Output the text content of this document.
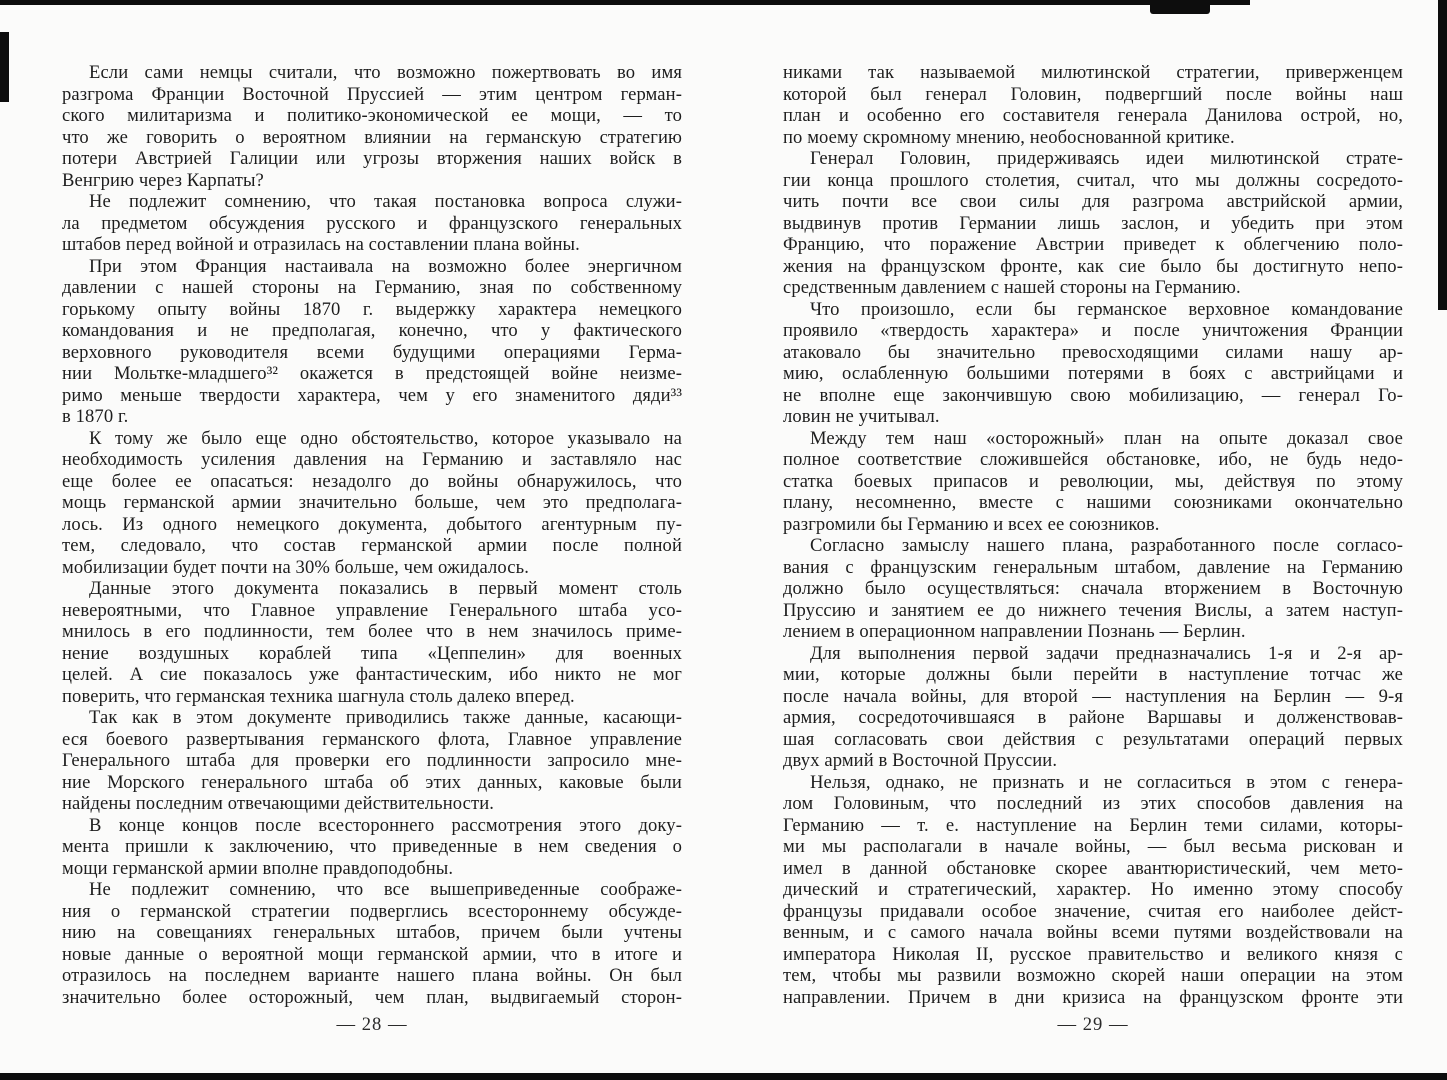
Если сами немцы считали, что возможно пожертвовать во имя
разгрома Франции Восточной Пруссией — этим центром герман-
ского милитаризма и политико-экономической ее мощи, — то
что же говорить о вероятном влиянии на германскую стратегию
потери Австрией Галиции или угрозы вторжения наших войск в
Венгрию через Карпаты?
Не подлежит сомнению, что такая постановка вопроса служи-
ла предметом обсуждения русского и французского генеральных
штабов перед войной и отразилась на составлении плана войны.
При этом Франция настаивала на возможно более энергичном
давлении с нашей стороны на Германию, зная по собственному
горькому опыту войны 1870 г. выдержку характера немецкого
командования и не предполагая, конечно, что у фактического
верховного руководителя всеми будущими операциями Герма-
нии Мольтке-младшего³² окажется в предстоящей войне неизме-
римо меньше твердости характера, чем у его знаменитого дяди³³
в 1870 г.
К тому же было еще одно обстоятельство, которое указывало на
необходимость усиления давления на Германию и заставляло нас
еще более ее опасаться: незадолго до войны обнаружилось, что
мощь германской армии значительно больше, чем это предполага-
лось. Из одного немецкого документа, добытого агентурным пу-
тем, следовало, что состав германской армии после полной
мобилизации будет почти на 30% больше, чем ожидалось.
Данные этого документа показались в первый момент столь
невероятными, что Главное управление Генерального штаба усо-
мнилось в его подлинности, тем более что в нем значилось приме-
нение воздушных кораблей типа «Цеппелин» для военных
целей. А сие показалось уже фантастическим, ибо никто не мог
поверить, что германская техника шагнула столь далеко вперед.
Так как в этом документе приводились также данные, касающи-
еся боевого развертывания германского флота, Главное управление
Генерального штаба для проверки его подлинности запросило мне-
ние Морского генерального штаба об этих данных, каковые были
найдены последним отвечающими действительности.
В конце концов после всестороннего рассмотрения этого доку-
мента пришли к заключению, что приведенные в нем сведения о
мощи германской армии вполне правдоподобны.
Не подлежит сомнению, что все вышеприведенные соображе-
ния о германской стратегии подверглись всестороннему обсужде-
нию на совещаниях генеральных штабов, причем были учтены
новые данные о вероятной мощи германской армии, что в итоге и
отразилось на последнем варианте нашего плана войны. Он был
значительно более осторожный, чем план, выдвигаемый сторон-
никами так называемой милютинской стратегии, приверженцем
которой был генерал Головин, подвергший после войны наш
план и особенно его составителя генерала Данилова острой, но,
по моему скромному мнению, необоснованной критике.
Генерал Головин, придерживаясь идеи милютинской страте-
гии конца прошлого столетия, считал, что мы должны сосредото-
чить почти все свои силы для разгрома австрийской армии,
выдвинув против Германии лишь заслон, и убедить при этом
Францию, что поражение Австрии приведет к облегчению поло-
жения на французском фронте, как сие было бы достигнуто непо-
средственным давлением с нашей стороны на Германию.
Что произошло, если бы германское верховное командование
проявило «твердость характера» и после уничтожения Франции
атаковало бы значительно превосходящими силами нашу ар-
мию, ослабленную большими потерями в боях с австрийцами и
не вполне еще закончившую свою мобилизацию, — генерал Го-
ловин не учитывал.
Между тем наш «осторожный» план на опыте доказал свое
полное соответствие сложившейся обстановке, ибо, не будь недо-
статка боевых припасов и революции, мы, действуя по этому
плану, несомненно, вместе с нашими союзниками окончательно
разгромили бы Германию и всех ее союзников.
Согласно замыслу нашего плана, разработанного после согласо-
вания с французским генеральным штабом, давление на Германию
должно было осуществляться: сначала вторжением в Восточную
Пруссию и занятием ее до нижнего течения Вислы, а затем наступ-
лением в операционном направлении Познань — Берлин.
Для выполнения первой задачи предназначались 1-я и 2-я ар-
мии, которые должны были перейти в наступление тотчас же
после начала войны, для второй — наступления на Берлин — 9-я
армия, сосредоточившаяся в районе Варшавы и долженствовав-
шая согласовать свои действия с результатами операций первых
двух армий в Восточной Пруссии.
Нельзя, однако, не признать и не согласиться в этом с генера-
лом Головиным, что последний из этих способов давления на
Германию — т. е. наступление на Берлин теми силами, которы-
ми мы располагали в начале войны, — был весьма рискован и
имел в данной обстановке скорее авантюристический, чем мето-
дический и стратегический, характер. Но именно этому способу
французы придавали особое значение, считая его наиболее дейст-
венным, и с самого начала войны всеми путями воздействовали на
императора Николая II, русское правительство и великого князя с
тем, чтобы мы развили возможно скорей наши операции на этом
направлении. Причем в дни кризиса на французском фронте эти
— 28 —	— 29 —
